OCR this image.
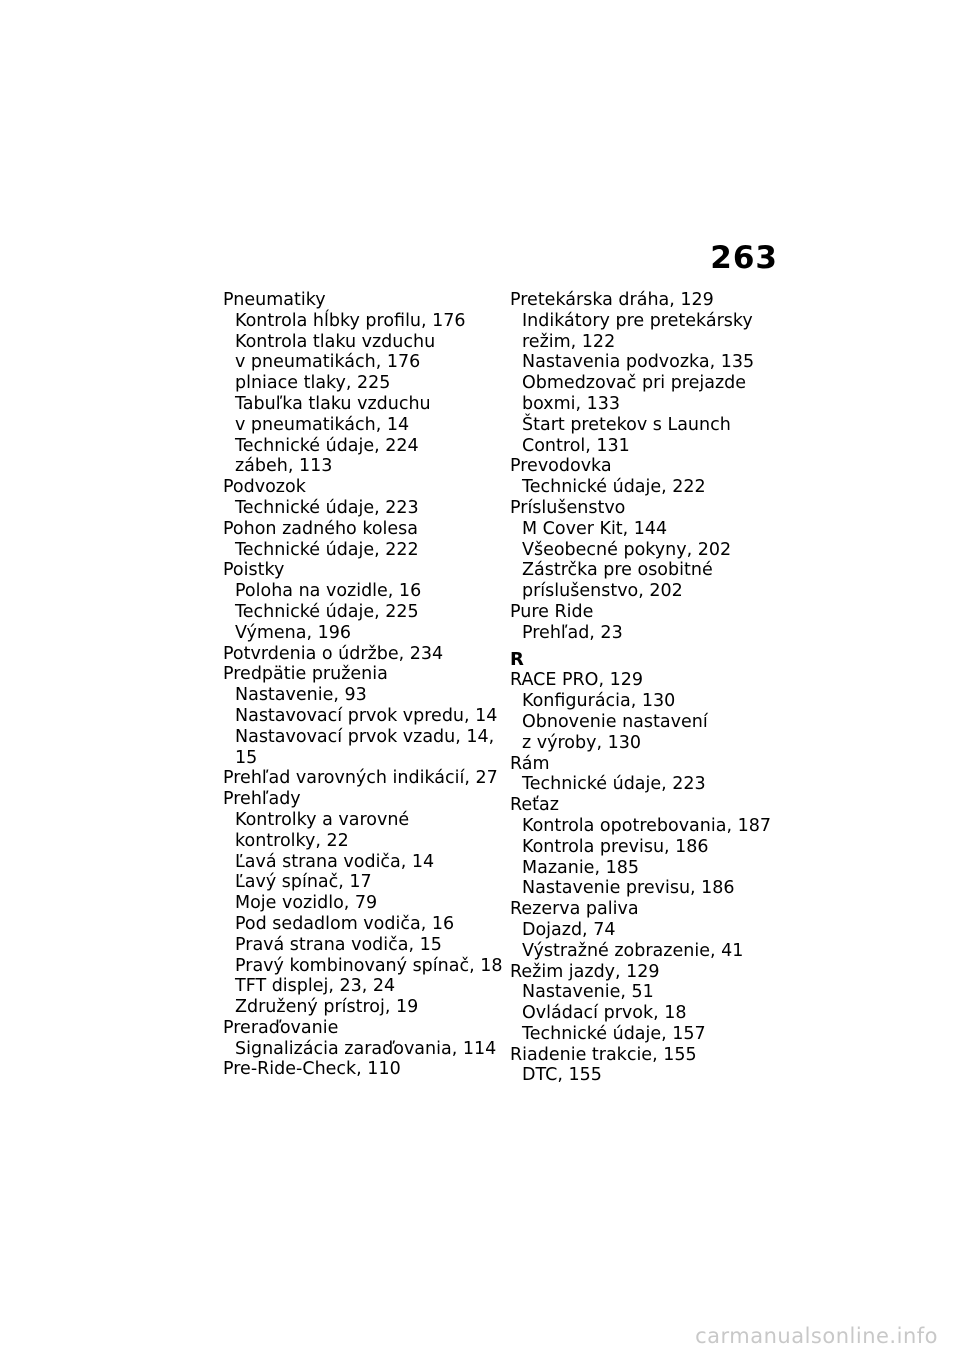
263
Pneumatiky
Kontrola hĺbky profilu, 176
Kontrola tlaku vzduchu
v pneumatikách, 176
plniace tlaky, 225
Tabuľka tlaku vzduchu
v pneumatikách, 14
Technické údaje, 224
zábeh, 113
Podvozok
Technické údaje, 223
Pohon zadného kolesa
Technické údaje, 222
Poistky
Poloha na vozidle, 16
Technické údaje, 225
Výmena, 196
Potvrdenia o údržbe, 234
Predpätie pruženia
Nastavenie, 93
Nastavovací prvok vpredu, 14
Nastavovací prvok vzadu, 14,
15
Prehľad varovných indikácií, 27
Prehľady
Kontrolky a varovné
kontrolky, 22
Ľavá strana vodiča, 14
Ľavý spínač, 17
Moje vozidlo, 79
Pod sedadlom vodiča, 16
Pravá strana vodiča, 15
Pravý kombinovaný spínač, 18
TFT displej, 23, 24
Združený prístroj, 19
Preraďovanie
Signalizácia zaraďovania, 114
Pre-Ride-Check, 110
Pretekárska dráha, 129
Indikátory pre pretekársky
režim, 122
Nastavenia podvozka, 135
Obmedzovač pri prejazde
boxmi, 133
Štart pretekov s Launch
Control, 131
Prevodovka
Technické údaje, 222
Príslušenstvo
M Cover Kit, 144
Všeobecné pokyny, 202
Zástrčka pre osobitné
príslušenstvo, 202
Pure Ride
Prehľad, 23
R
RACE PRO, 129
Konfigurácia, 130
Obnovenie nastavení
z výroby, 130
Rám
Technické údaje, 223
Reťaz
Kontrola opotrebovania, 187
Kontrola previsu, 186
Mazanie, 185
Nastavenie previsu, 186
Rezerva paliva
Dojazd, 74
Výstražné zobrazenie, 41
Režim jazdy, 129
Nastavenie, 51
Ovládací prvok, 18
Technické údaje, 157
Riadenie trakcie, 155
DTC, 155
carmanualsonline.info
